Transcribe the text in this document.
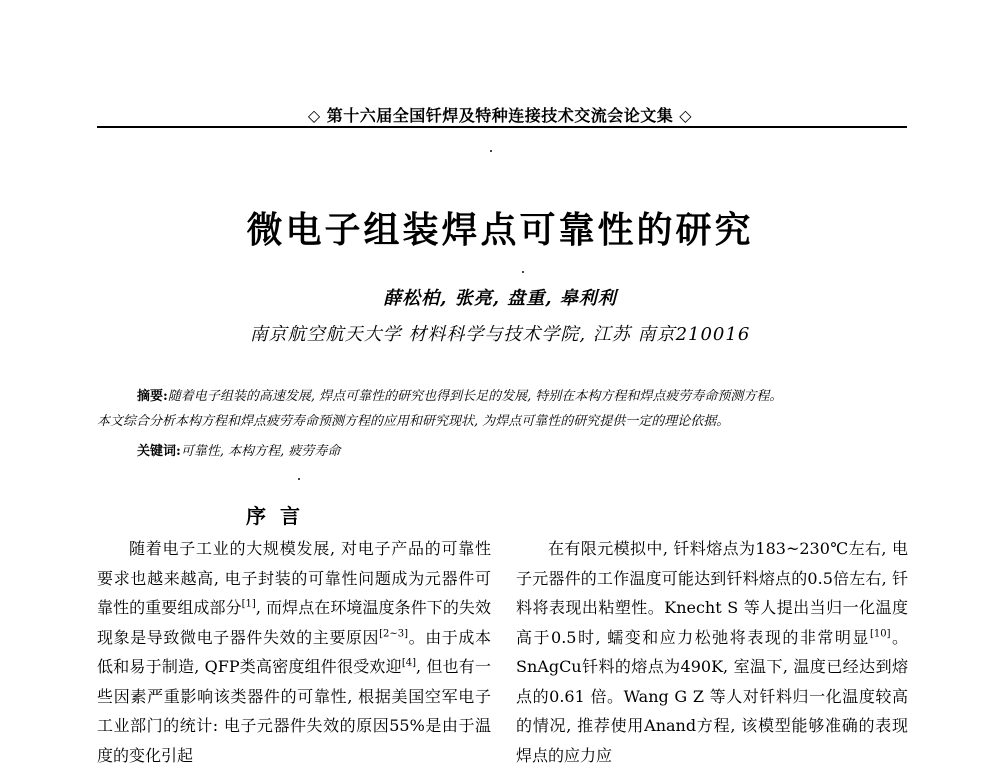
◇ 第十六届全国钎焊及特种连接技术交流会论文集 ◇
微电子组装焊点可靠性的研究
薛松柏, 张亮, 盘重, 皋利利
南京航空航天大学 材料科学与技术学院, 江苏 南京210016
摘要:随着电子组装的高速发展, 焊点可靠性的研究也得到长足的发展, 特别在本构方程和焊点疲劳寿命预测方程。
本文综合分析本构方程和焊点疲劳寿命预测方程的应用和研究现状, 为焊点可靠性的研究提供一定的理论依据。
关键词:可靠性, 本构方程, 疲劳寿命
序言

随着电子工业的大规模发展, 对电子产品的可靠性要求也越来越高, 电子封装的可靠性问题成为元器件可靠性的重要组成部分[1], 而焊点在环境温度条件下的失效现象是导致微电子器件失效的主要原因[2~3]。由于成本低和易于制造, QFP类高密度组件很受欢迎[4], 但也有一些因素严重影响该类器件的可靠性, 根据美国空军电子工业部门的统计: 电子元器件失效的原因55%是由于温度的变化引起

在有限元模拟中, 钎料熔点为183~230℃左右, 电子元器件的工作温度可能达到钎料熔点的0.5倍左右, 钎料将表现出粘塑性。Knecht S 等人提出当归一化温度高于0.5时, 蠕变和应力松弛将表现的非常明显[10]。SnAgCu钎料的熔点为490K, 室温下, 温度已经达到熔点的0.61 倍。Wang G Z 等人对钎料归一化温度较高的情况, 推荐使用Anand方程, 该模型能够准确的表现焊点的应力应
